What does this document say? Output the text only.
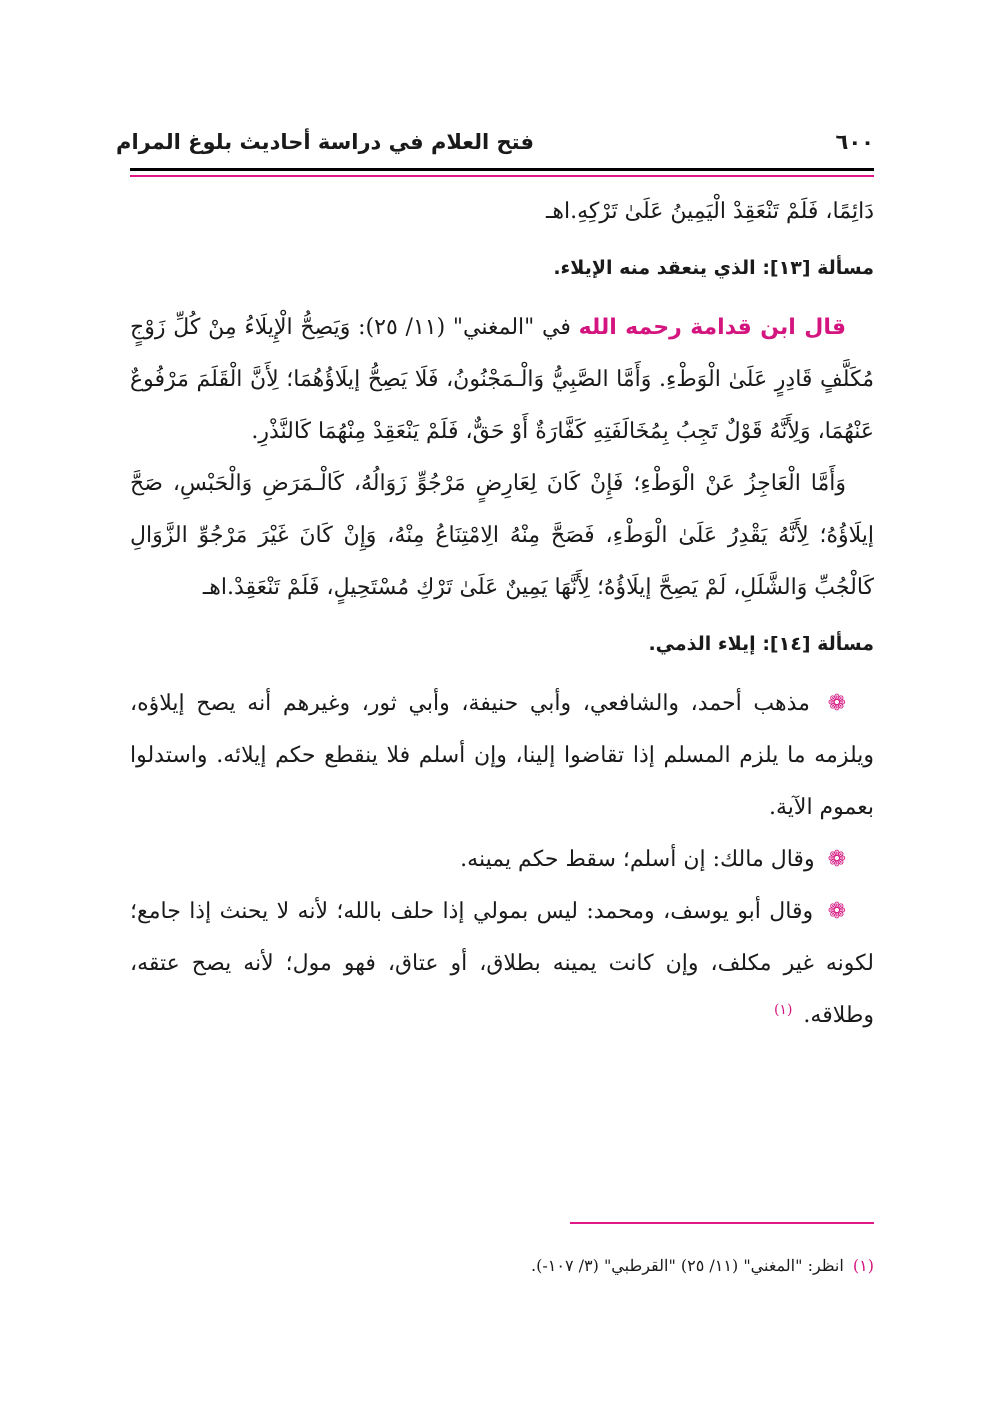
٦٠٠
فتح العلام في دراسة أحاديث بلوغ المرام

دَائِمًا، فَلَمْ تَنْعَقِدْ الْيَمِينُ عَلَىٰ تَرْكِهِ.اهـ

مسألة [١٣]: الذي ينعقد منه الإيلاء.

قال ابن قدامة رحمه الله في "المغني" (١١/ ٢٥): وَيَصِحُّ الْإِيلَاءُ مِنْ كُلِّ زَوْجٍ مُكَلَّفٍ قَادِرٍ عَلَىٰ الْوَطْءِ. وَأَمَّا الصَّبِيُّ وَالْـمَجْنُونُ، فَلَا يَصِحُّ إيلَاؤُهُمَا؛ لِأَنَّ الْقَلَمَ مَرْفُوعٌ عَنْهُمَا، وَلِأَنَّهُ قَوْلٌ تَجِبُ بِمُخَالَفَتِهِ كَفَّارَةٌ أَوْ حَقٌّ، فَلَمْ يَنْعَقِدْ مِنْهُمَا كَالنَّذْرِ.

وَأَمَّا الْعَاجِزُ عَنْ الْوَطْءِ؛ فَإِنْ كَانَ لِعَارِضٍ مَرْجُوٍّ زَوَالُهُ، كَالْـمَرَضِ وَالْحَبْسِ، صَحَّ إيلَاؤُهُ؛ لِأَنَّهُ يَقْدِرُ عَلَىٰ الْوَطْءِ، فَصَحَّ مِنْهُ الِامْتِنَاعُ مِنْهُ، وَإِنْ كَانَ غَيْرَ مَرْجُوِّ الزَّوَالِ كَالْجُبِّ وَالشَّلَلِ، لَمْ يَصِحَّ إيلَاؤُهُ؛ لِأَنَّهَا يَمِينٌ عَلَىٰ تَرْكِ مُسْتَحِيلٍ، فَلَمْ تَنْعَقِدْ.اهـ

مسألة [١٤]: إيلاء الذمي.

❁ مذهب أحمد، والشافعي، وأبي حنيفة، وأبي ثور، وغيرهم أنه يصح إيلاؤه، ويلزمه ما يلزم المسلم إذا تقاضوا إلينا، وإن أسلم فلا ينقطع حكم إيلائه. واستدلوا بعموم الآية.

❁ وقال مالك: إن أسلم؛ سقط حكم يمينه.

❁ وقال أبو يوسف، ومحمد: ليس بمولي إذا حلف بالله؛ لأنه لا يحنث إذا جامع؛ لكونه غير مكلف، وإن كانت يمينه بطلاق، أو عتاق، فهو مول؛ لأنه يصح عتقه، وطلاقه. $^{(١)}$

(١) انظر: "المغني" (١١/ ٢٥) "القرطبي" (٣/ ١٠٧-).
